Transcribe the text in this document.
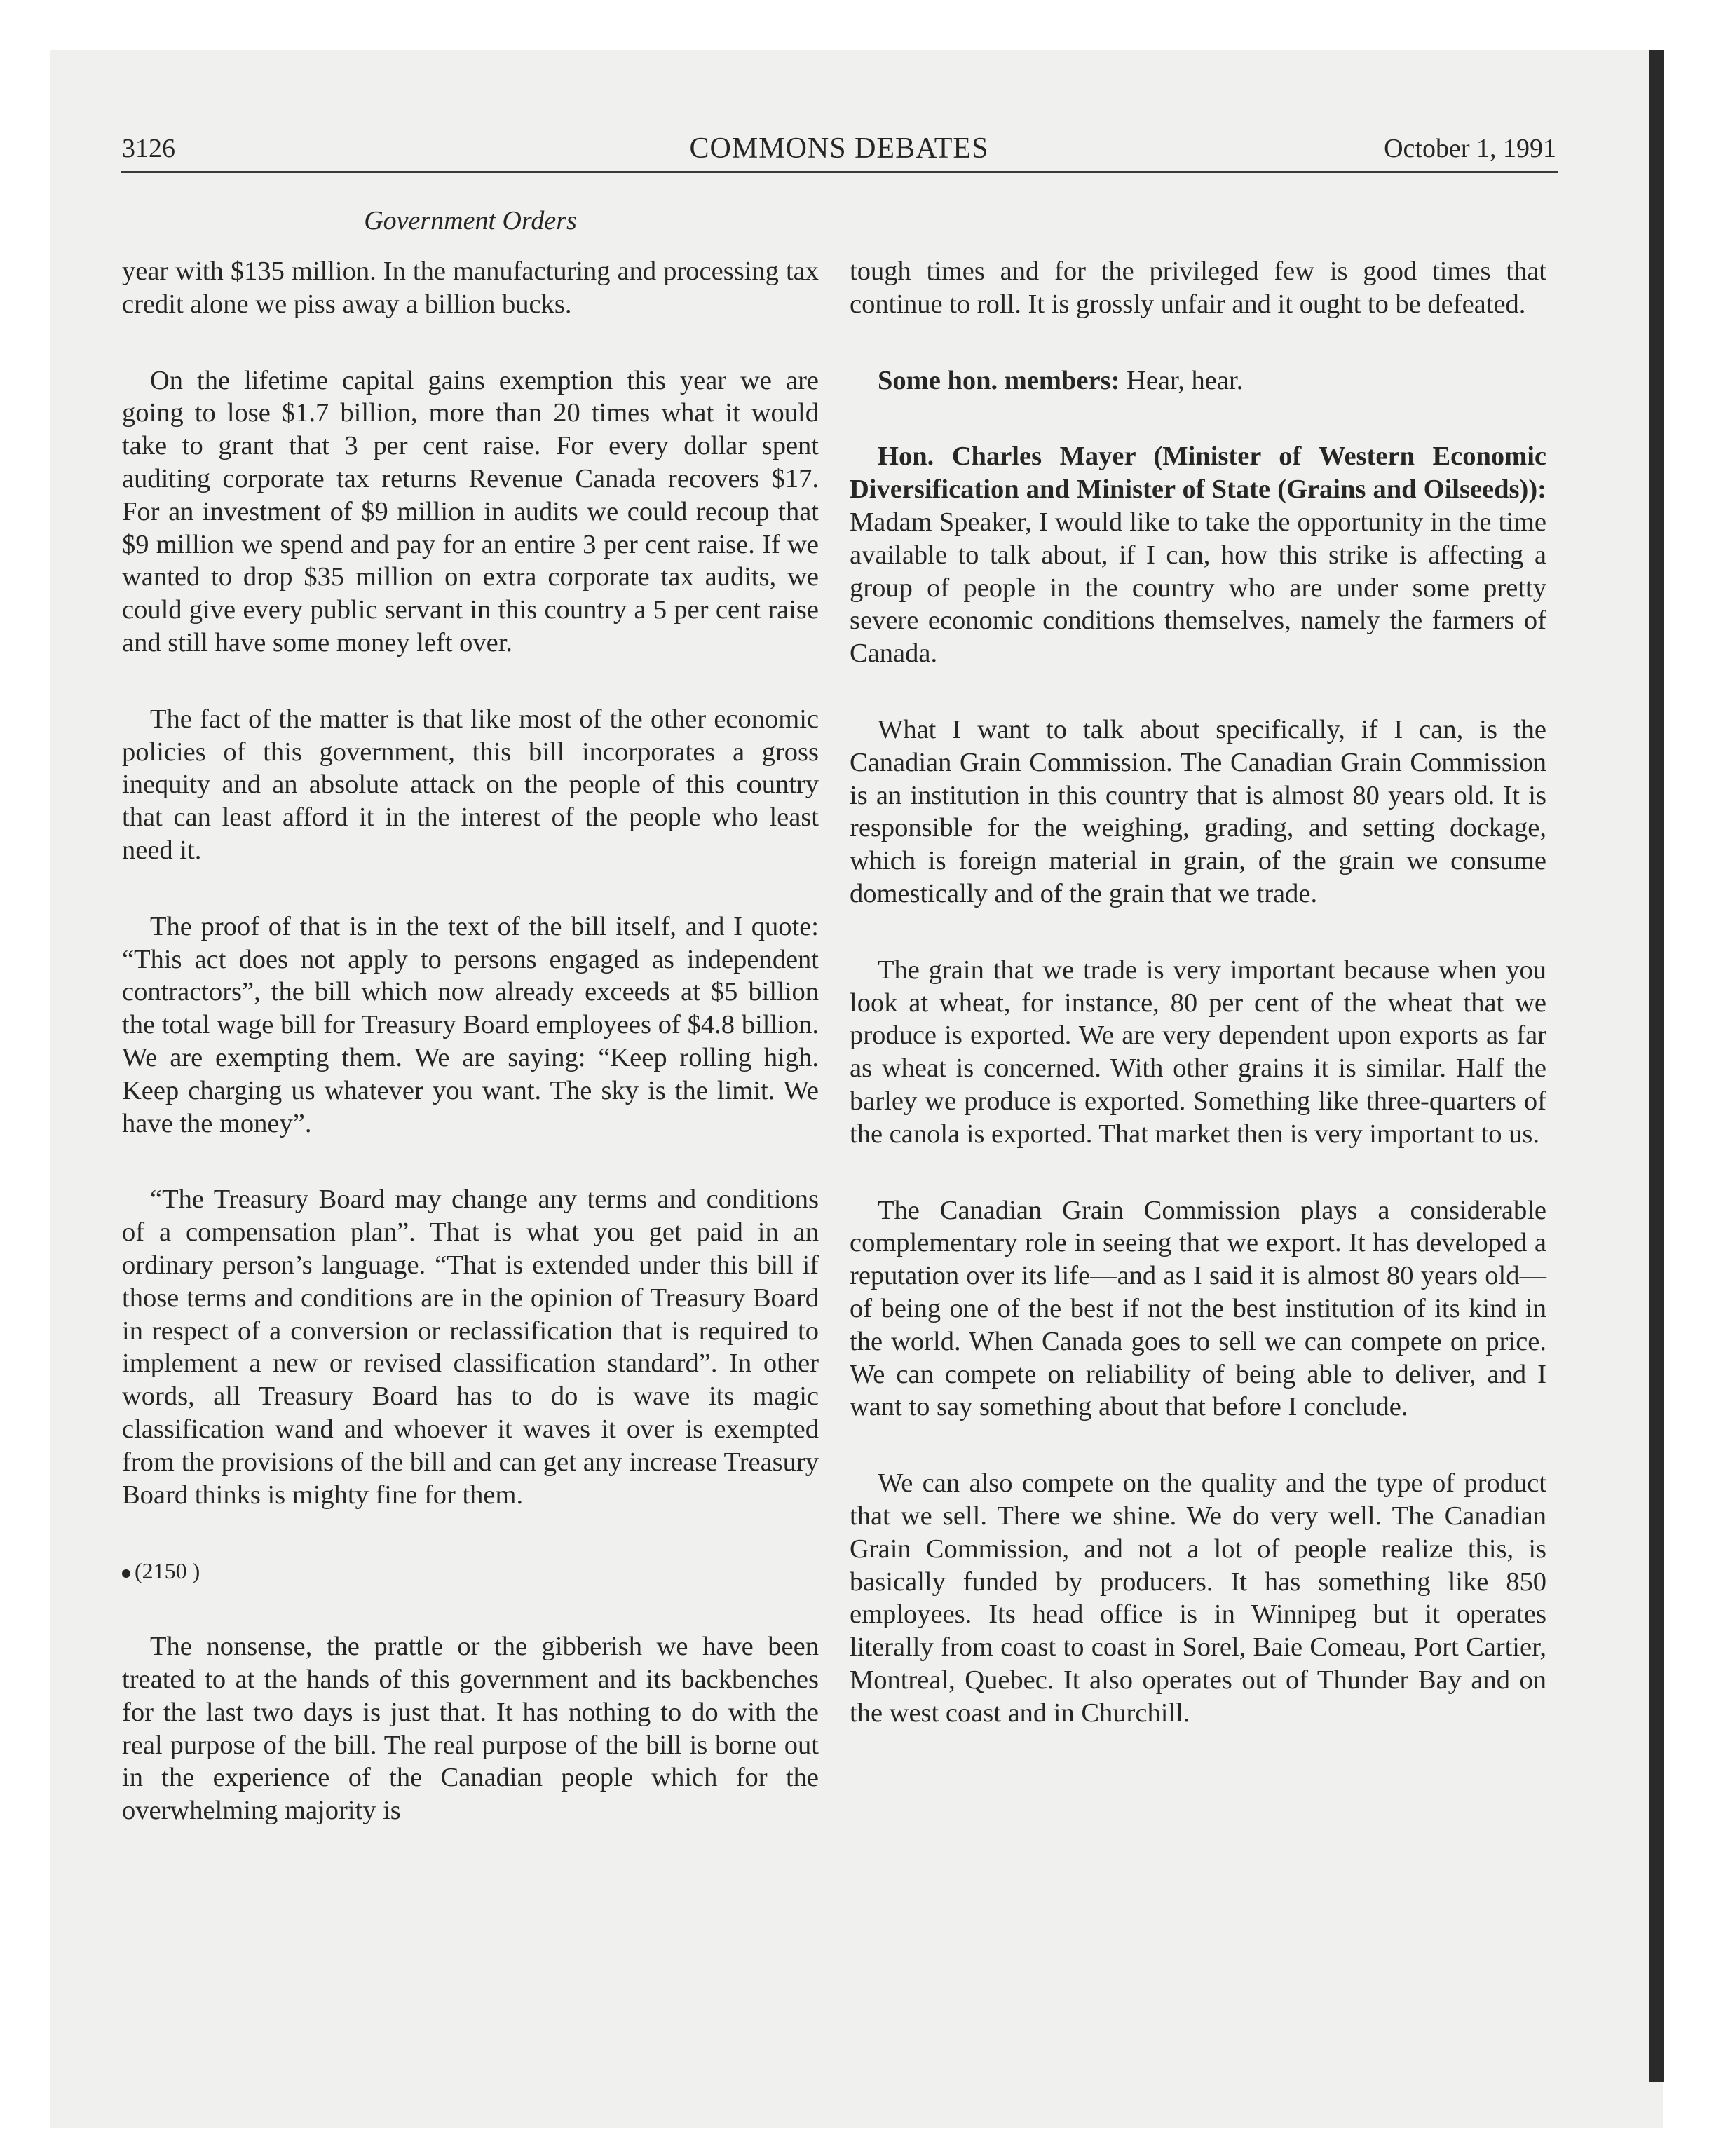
3126	COMMONS DEBATES	October 1, 1991
Government Orders

year with $135 million. In the manufacturing and processing tax credit alone we piss away a billion bucks.

On the lifetime capital gains exemption this year we are going to lose $1.7 billion, more than 20 times what it would take to grant that 3 per cent raise. For every dollar spent auditing corporate tax returns Revenue Canada recovers $17. For an investment of $9 million in audits we could recoup that $9 million we spend and pay for an entire 3 per cent raise. If we wanted to drop $35 million on extra corporate tax audits, we could give every public servant in this country a 5 per cent raise and still have some money left over.

The fact of the matter is that like most of the other economic policies of this government, this bill incorporates a gross inequity and an absolute attack on the people of this country that can least afford it in the interest of the people who least need it.

The proof of that is in the text of the bill itself, and I quote: “This act does not apply to persons engaged as independent contractors”, the bill which now already exceeds at $5 billion the total wage bill for Treasury Board employees of $4.8 billion. We are exempting them. We are saying: “Keep rolling high. Keep charging us whatever you want. The sky is the limit. We have the money”.

“The Treasury Board may change any terms and conditions of a compensation plan”. That is what you get paid in an ordinary person’s language. “That is extended under this bill if those terms and conditions are in the opinion of Treasury Board in respect of a conversion or reclassification that is required to implement a new or revised classification standard”. In other words, all Treasury Board has to do is wave its magic classification wand and whoever it waves it over is exempted from the provisions of the bill and can get any increase Treasury Board thinks is mighty fine for them.

(2150 )

The nonsense, the prattle or the gibberish we have been treated to at the hands of this government and its backbenches for the last two days is just that. It has nothing to do with the real purpose of the bill. The real purpose of the bill is borne out in the experience of the Canadian people which for the overwhelming majority is

tough times and for the privileged few is good times that continue to roll. It is grossly unfair and it ought to be defeated.

Some hon. members: Hear, hear.

Hon. Charles Mayer (Minister of Western Economic Diversification and Minister of State (Grains and Oilseeds)): Madam Speaker, I would like to take the opportunity in the time available to talk about, if I can, how this strike is affecting a group of people in the country who are under some pretty severe economic conditions themselves, namely the farmers of Canada.

What I want to talk about specifically, if I can, is the Canadian Grain Commission. The Canadian Grain Commission is an institution in this country that is almost 80 years old. It is responsible for the weighing, grading, and setting dockage, which is foreign material in grain, of the grain we consume domestically and of the grain that we trade.

The grain that we trade is very important because when you look at wheat, for instance, 80 per cent of the wheat that we produce is exported. We are very dependent upon exports as far as wheat is concerned. With other grains it is similar. Half the barley we produce is exported. Something like three-quarters of the canola is exported. That market then is very important to us.

The Canadian Grain Commission plays a considerable complementary role in seeing that we export. It has developed a reputation over its life—and as I said it is almost 80 years old—of being one of the best if not the best institution of its kind in the world. When Canada goes to sell we can compete on price. We can compete on reliability of being able to deliver, and I want to say something about that before I conclude.

We can also compete on the quality and the type of product that we sell. There we shine. We do very well. The Canadian Grain Commission, and not a lot of people realize this, is basically funded by producers. It has something like 850 employees. Its head office is in Winnipeg but it operates literally from coast to coast in Sorel, Baie Comeau, Port Cartier, Montreal, Quebec. It also operates out of Thunder Bay and on the west coast and in Churchill.
